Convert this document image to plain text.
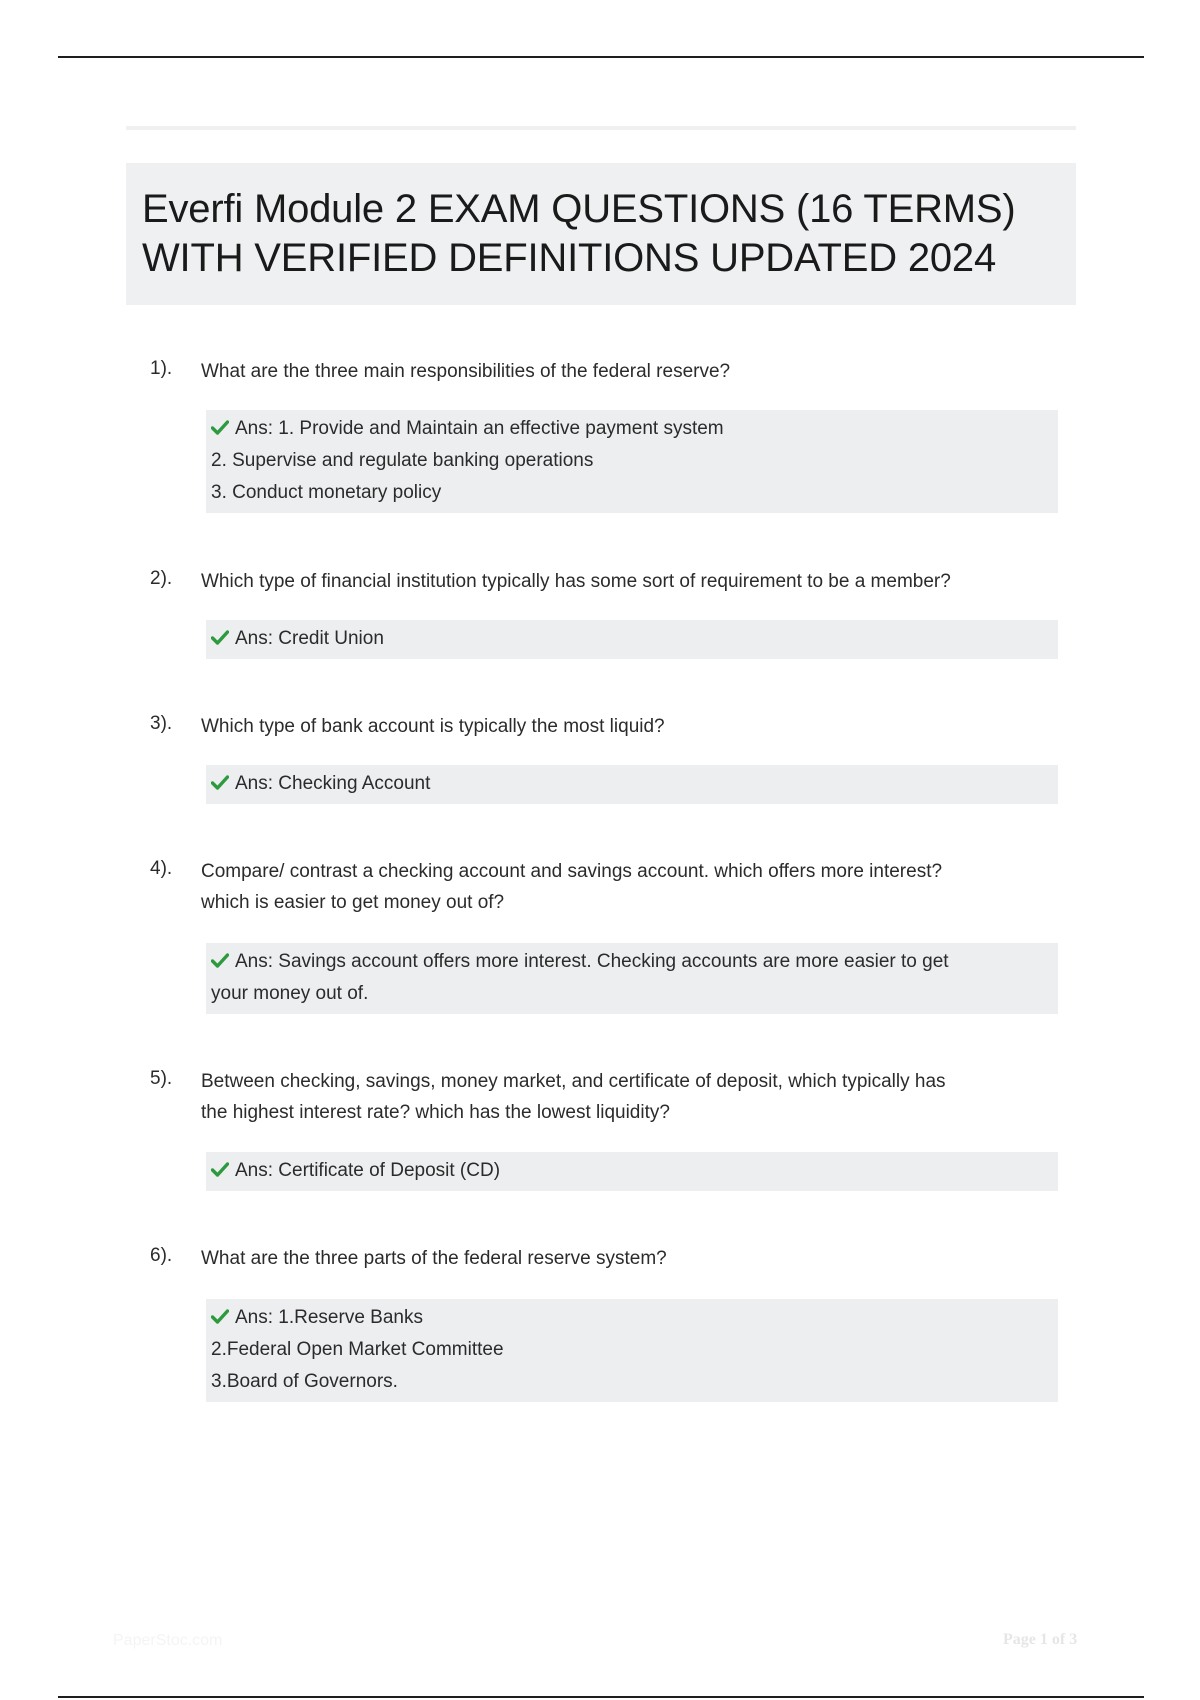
Everfi Module 2 EXAM QUESTIONS (16 TERMS)
WITH VERIFIED DEFINITIONS UPDATED 2024
1). What are the three main responsibilities of the federal reserve?
Ans: 1. Provide and Maintain an effective payment system
2. Supervise and regulate banking operations
3. Conduct monetary policy
2). Which type of financial institution typically has some sort of requirement to be a member?
Ans: Credit Union
3). Which type of bank account is typically the most liquid?
Ans: Checking Account
4). Compare/ contrast a checking account and savings account. which offers more interest?
which is easier to get money out of?
Ans: Savings account offers more interest. Checking accounts are more easier to get
your money out of.
5). Between checking, savings, money market, and certificate of deposit, which typically has
the highest interest rate? which has the lowest liquidity?
Ans: Certificate of Deposit (CD)
6). What are the three parts of the federal reserve system?
Ans: 1.Reserve Banks
2.Federal Open Market Committee
3.Board of Governors.
PaperStoc.com	Page 1 of 3
